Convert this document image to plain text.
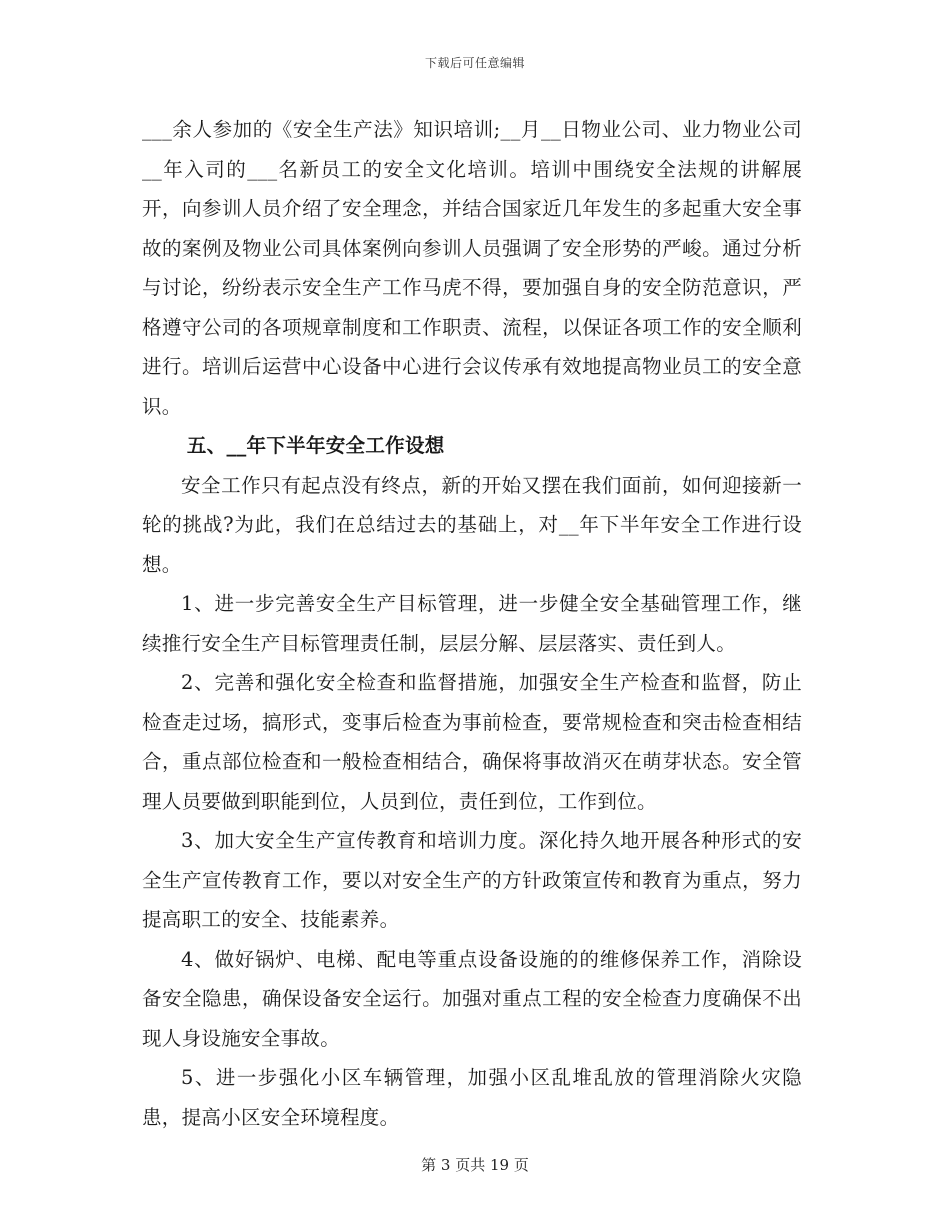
下载后可任意编辑

___余人参加的《安全生产法》知识培训;__月__日物业公司、业力物业公司__年入司的___名新员工的安全文化培训。培训中围绕安全法规的讲解展开，向参训人员介绍了安全理念，并结合国家近几年发生的多起重大安全事故的案例及物业公司具体案例向参训人员强调了安全形势的严峻。通过分析与讨论，纷纷表示安全生产工作马虎不得，要加强自身的安全防范意识，严格遵守公司的各项规章制度和工作职责、流程，以保证各项工作的安全顺利进行。培训后运营中心设备中心进行会议传承有效地提高物业员工的安全意识。

五、__年下半年安全工作设想

安全工作只有起点没有终点，新的开始又摆在我们面前，如何迎接新一轮的挑战?为此，我们在总结过去的基础上，对__年下半年安全工作进行设想。

1、进一步完善安全生产目标管理，进一步健全安全基础管理工作，继续推行安全生产目标管理责任制，层层分解、层层落实、责任到人。

2、完善和强化安全检查和监督措施，加强安全生产检查和监督，防止检查走过场，搞形式，变事后检查为事前检查，要常规检查和突击检查相结合，重点部位检查和一般检查相结合，确保将事故消灭在萌芽状态。安全管理人员要做到职能到位，人员到位，责任到位，工作到位。

3、加大安全生产宣传教育和培训力度。深化持久地开展各种形式的安全生产宣传教育工作，要以对安全生产的方针政策宣传和教育为重点，努力提高职工的安全、技能素养。

4、做好锅炉、电梯、配电等重点设备设施的的维修保养工作，消除设备安全隐患，确保设备安全运行。加强对重点工程的安全检查力度确保不出现人身设施安全事故。

5、进一步强化小区车辆管理，加强小区乱堆乱放的管理消除火灾隐患，提高小区安全环境程度。

第 3 页共 19 页
